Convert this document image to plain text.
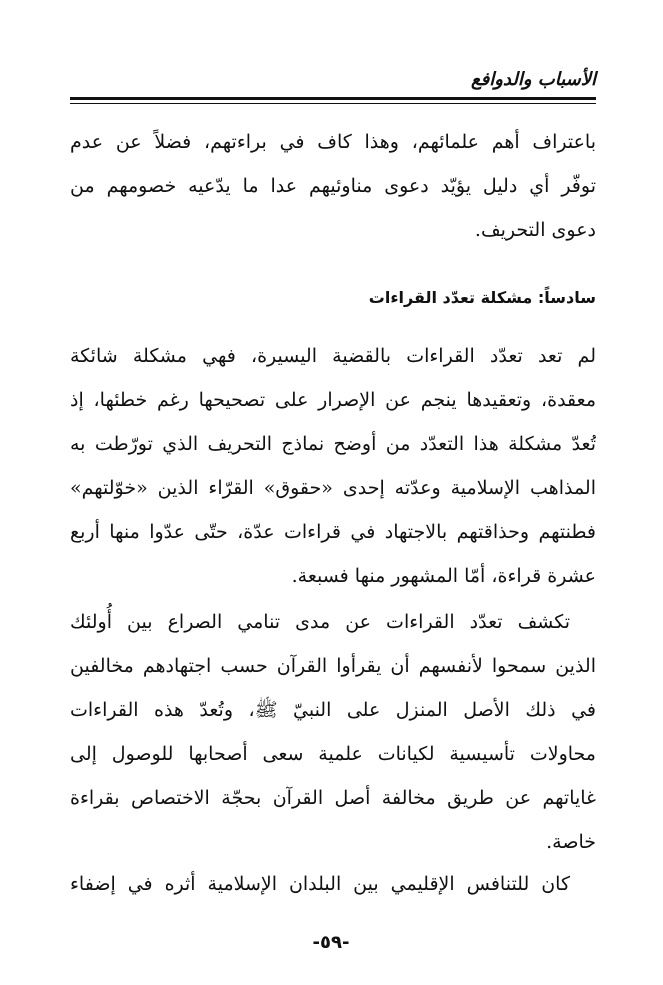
الأسباب والدوافع
باعتراف أهم علمائهم، وهذا كاف في براءتهم، فضلاً عن عدم
توفّر أي دليل يؤيّد دعوى مناوئيهم عدا ما يدّعيه خصومهم من
دعوى التحريف.
سادساً: مشكلة تعدّد القراءات
لم تعد تعدّد القراءات بالقضية اليسيرة، فهي مشكلة شائكة
معقدة، وتعقيدها ينجم عن الإصرار على تصحيحها رغم خطئها، إذ
تُعدّ مشكلة هذا التعدّد من أوضح نماذج التحريف الذي تورّطت به
المذاهب الإسلامية وعدّته إحدى «حقوق» القرّاء الذين «خوّلتهم»
فطنتهم وحذاقتهم بالاجتهاد في قراءات عدّة، حتّى عدّوا منها أربع
عشرة قراءة، أمّا المشهور منها فسبعة.
تكشف تعدّد القراءات عن مدى تنامي الصراع بين أُولئك
الذين سمحوا لأنفسهم أن يقرأوا القرآن حسب اجتهادهم مخالفين
في ذلك الأصل المنزل على النبيّ ﷺ، وتُعدّ هذه القراءات
محاولات تأسيسية لكيانات علمية سعى أصحابها للوصول إلى
غاياتهم عن طريق مخالفة أصل القرآن بحجّة الاختصاص بقراءة
خاصة.
كان للتنافس الإقليمي بين البلدان الإسلامية أثره في إضفاء
-٥٩-
